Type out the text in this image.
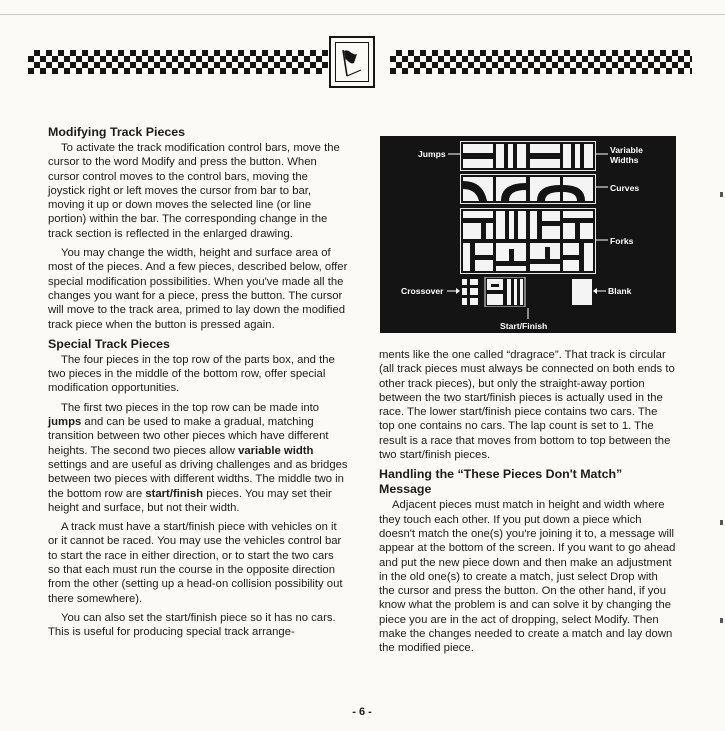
Modifying Track Pieces

To activate the track modification control bars, move the cursor to the word Modify and press the button. When cursor control moves to the control bars, moving the joystick right or left moves the cursor from bar to bar, moving it up or down moves the selected line (or line portion) within the bar. The corresponding change in the track section is reflected in the enlarged drawing.

You may change the width, height and surface area of most of the pieces. And a few pieces, described below, offer special modification possibilities. When you've made all the changes you want for a piece, press the button. The cursor will move to the track area, primed to lay down the modified track piece when the button is pressed again.

Special Track Pieces

The four pieces in the top row of the parts box, and the two pieces in the middle of the bottom row, offer special modification opportunities.

The first two pieces in the top row can be made into jumps and can be used to make a gradual, matching transition between two other pieces which have different heights. The second two pieces allow variable width settings and are useful as driving challenges and as bridges between two pieces with different widths. The middle two in the bottom row are start/finish pieces. You may set their height and surface, but not their width.

A track must have a start/finish piece with vehicles on it or it cannot be raced. You may use the vehicles control bar to start the race in either direction, or to start the two cars so that each must run the course in the opposite direction from the other (setting up a head-on collision possibility out there somewhere).

You can also set the start/finish piece so it has no cars. This is useful for producing special track arrange-

Jumps	Variable
Widths
Curves
Forks
Crossover	Blank
Start/Finish

ments like the one called “dragrace”. That track is circular (all track pieces must always be connected on both ends to other track pieces), but only the straight-away portion between the two start/finish pieces is actually used in the race. The lower start/finish piece contains two cars. The top one contains no cars. The lap count is set to 1. The result is a race that moves from bottom to top between the two start/finish pieces.

Handling the “These Pieces Don't Match” Message

Adjacent pieces must match in height and width where they touch each other. If you put down a piece which doesn't match the one(s) you're joining it to, a message will appear at the bottom of the screen. If you want to go ahead and put the new piece down and then make an adjustment in the old one(s) to create a match, just select Drop with the cursor and press the button. On the other hand, if you know what the problem is and can solve it by changing the piece you are in the act of dropping, select Modify. Then make the changes needed to create a match and lay down the modified piece.

- 6 -
